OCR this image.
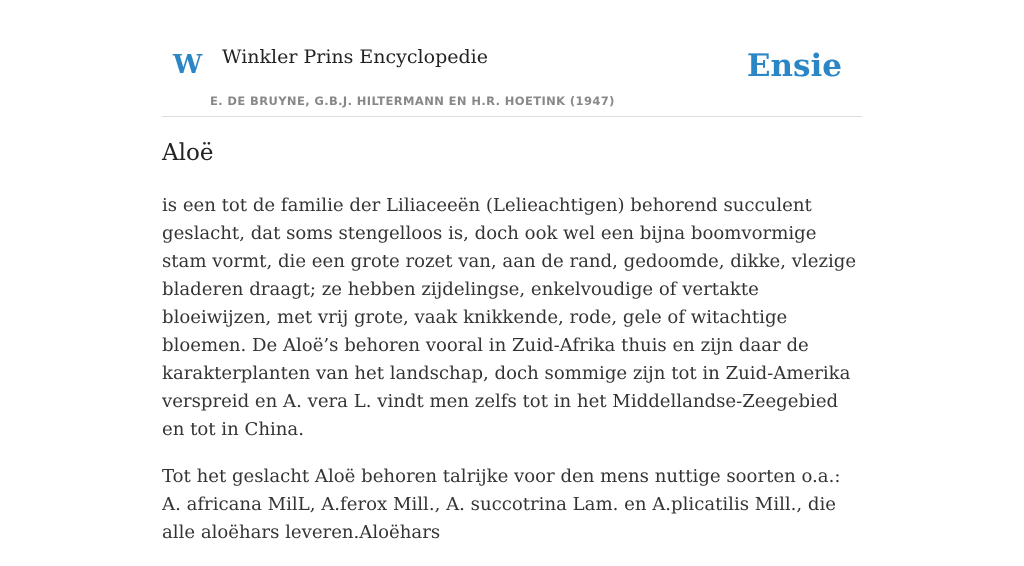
W Winkler Prins Encyclopedie
E. DE BRUYNE, G.B.J. HILTERMANN EN H.R. HOETINK (1947)
Ensie
Aloë

is een tot de familie der Liliaceeën (Lelieachtigen) behorend succulent geslacht, dat soms stengelloos is, doch ook wel een bijna boomvormige stam vormt, die een grote rozet van, aan de rand, gedoomde, dikke, vlezige bladeren draagt; ze hebben zijdelingse, enkelvoudige of vertakte bloeiwijzen, met vrij grote, vaak knikkende, rode, gele of witachtige bloemen. De Aloë’s behoren vooral in Zuid-Afrika thuis en zijn daar de karakterplanten van het landschap, doch sommige zijn tot in Zuid-Amerika verspreid en A. vera L. vindt men zelfs tot in het Middellandse-Zeegebied en tot in China.

Tot het geslacht Aloë behoren talrijke voor den mens nuttige soorten o.a.: A. africana MilL, A.ferox Mill., A. succotrina Lam. en A.plicatilis Mill., die alle aloëhars leveren.Aloëhars
